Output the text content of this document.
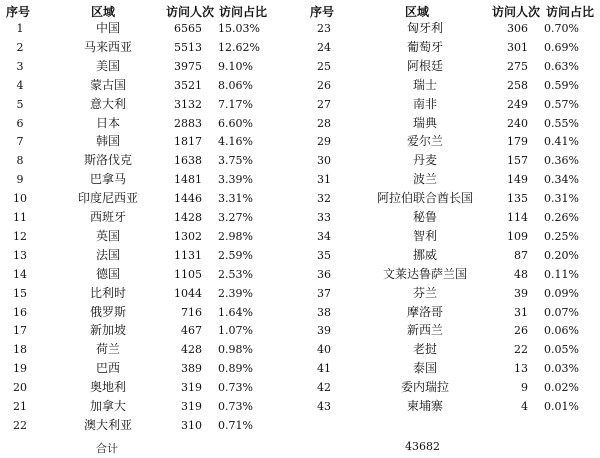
序号	区域	访问人次 访问占比	序号	区域	访问人次 访问占比
1	中国	6565 15.03%
2	马来西亚	5513 12.62%
3	美国	3975 9.10%
4	蒙古国	3521 8.06%
5	意大利	3132 7.17%
6	日本	2883 6.60%
7	韩国	1817 4.16%
8	斯洛伐克	1638 3.75%
9	巴拿马	1481 3.39%
10	印度尼西亚	1446 3.31%
11	西班牙	1428 3.27%
12	英国	1302 2.98%
13	法国	1131 2.59%
14	德国	1105 2.53%
15	比利时	1044 2.39%
16	俄罗斯	716 1.64%
17	新加坡	467 1.07%
18	荷兰	428 0.98%
19	巴西	389 0.89%
20	奥地利	319 0.73%
21	加拿大	319 0.73%
22	澳大利亚	310 0.71%
23	匈牙利	306 0.70%
24	葡萄牙	301 0.69%
25	阿根廷	275 0.63%
26	瑞士	258 0.59%
27	南非	249 0.57%
28	瑞典	240 0.55%
29	爱尔兰	179 0.41%
30	丹麦	157 0.36%
31	波兰	149 0.34%
32	阿拉伯联合酋长国	135 0.31%
33	秘鲁	114 0.26%
34	智利	109 0.25%
35	挪威	87 0.20%
36	文莱达鲁萨兰国	48 0.11%
37	芬兰	39 0.09%
38	摩洛哥	31 0.07%
39	新西兰	26 0.06%
40	老挝	22 0.05%
41	泰国	13 0.03%
42	委内瑞拉	9 0.02%
43	柬埔寨	4 0.01%
合计	43682
